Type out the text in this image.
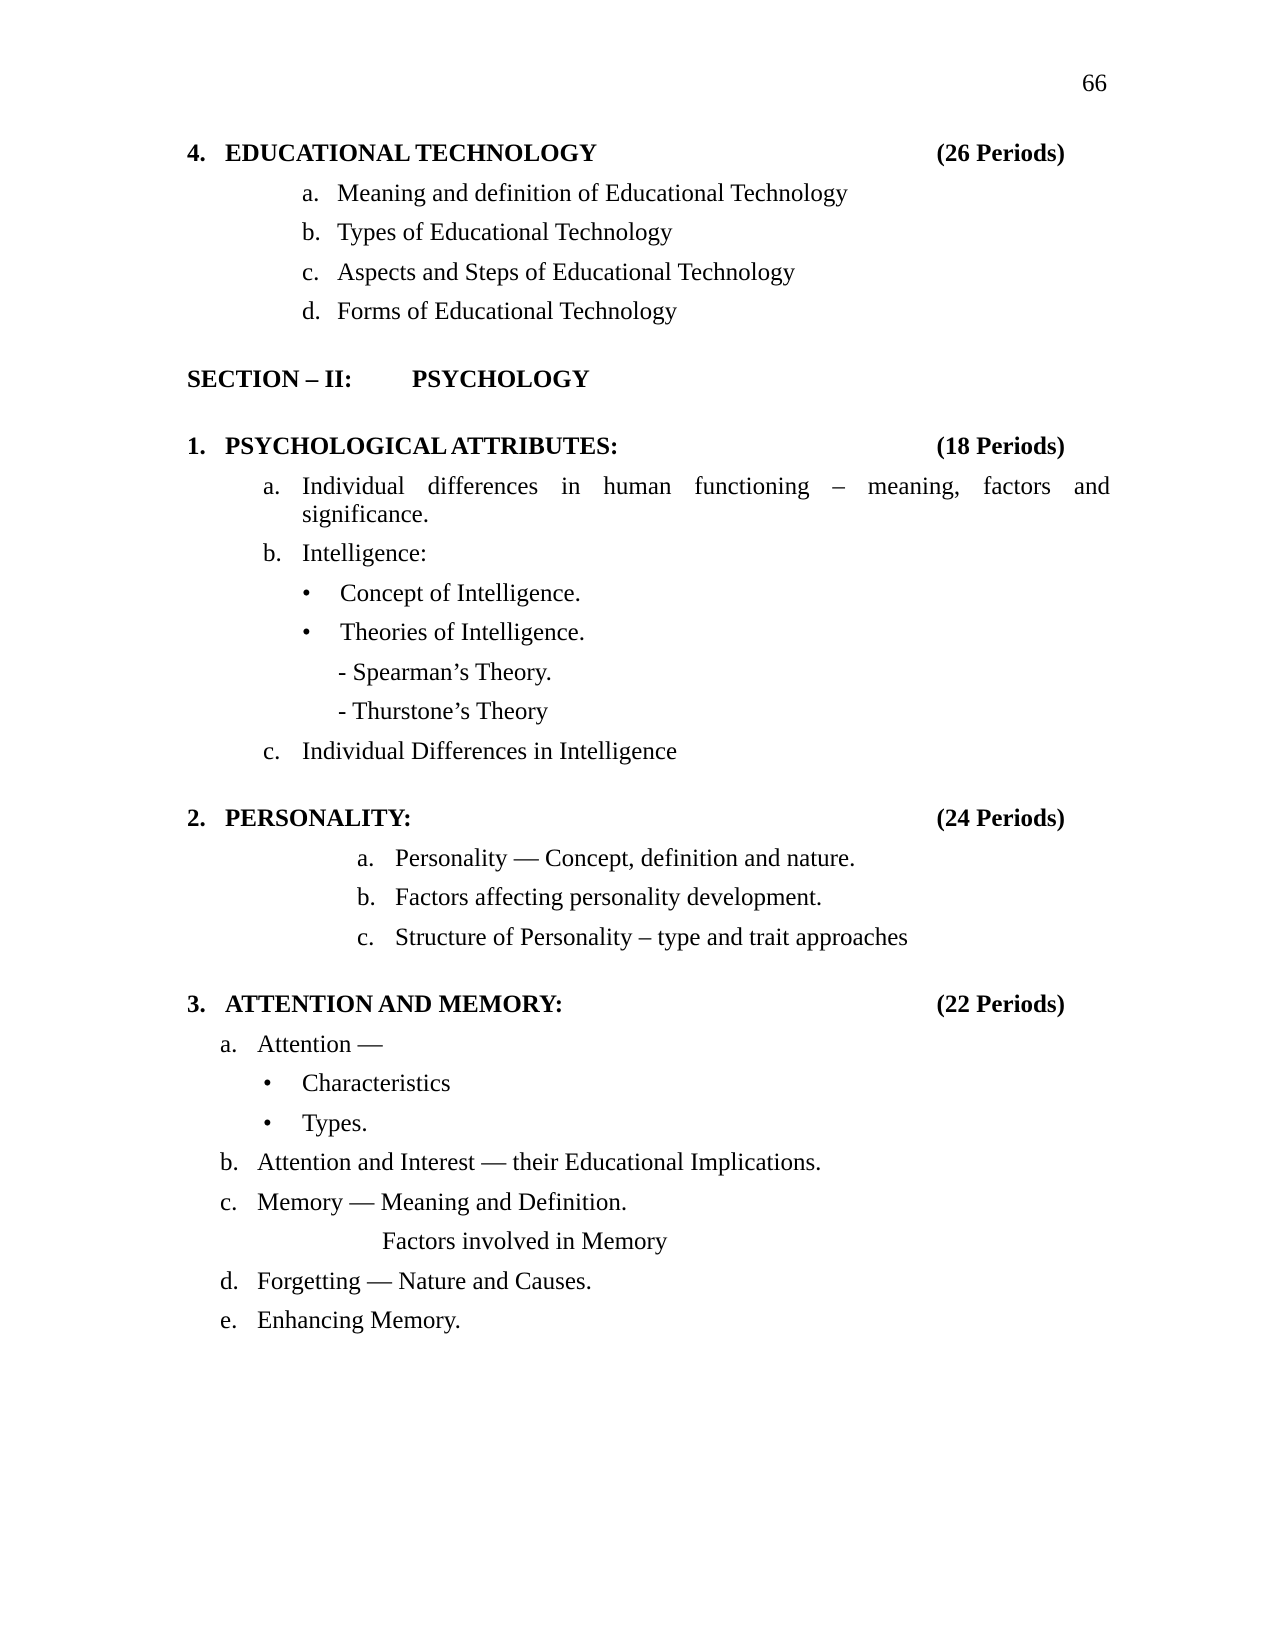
66
4. EDUCATIONAL TECHNOLOGY	(26 Periods)
a. Meaning and definition of Educational Technology
b. Types of Educational Technology
c. Aspects and Steps of Educational Technology
d. Forms of Educational Technology
SECTION – II:	PSYCHOLOGY
1. PSYCHOLOGICAL ATTRIBUTES:	(18 Periods)
a. Individual differences in human functioning – meaning, factors and significance.
b. Intelligence:
•	Concept of Intelligence.
•	Theories of Intelligence.
- Spearman’s Theory.
- Thurstone’s Theory
c. Individual Differences in Intelligence
2. PERSONALITY:	(24 Periods)
a. Personality — Concept, definition and nature.
b. Factors affecting personality development.
c. Structure of Personality – type and trait approaches
3. ATTENTION AND MEMORY:	(22 Periods)
a. Attention —
•	Characteristics
•	Types.
b. Attention and Interest — their Educational Implications.
c. Memory — Meaning and Definition.
Factors involved in Memory
d. Forgetting — Nature and Causes.
e. Enhancing Memory.
